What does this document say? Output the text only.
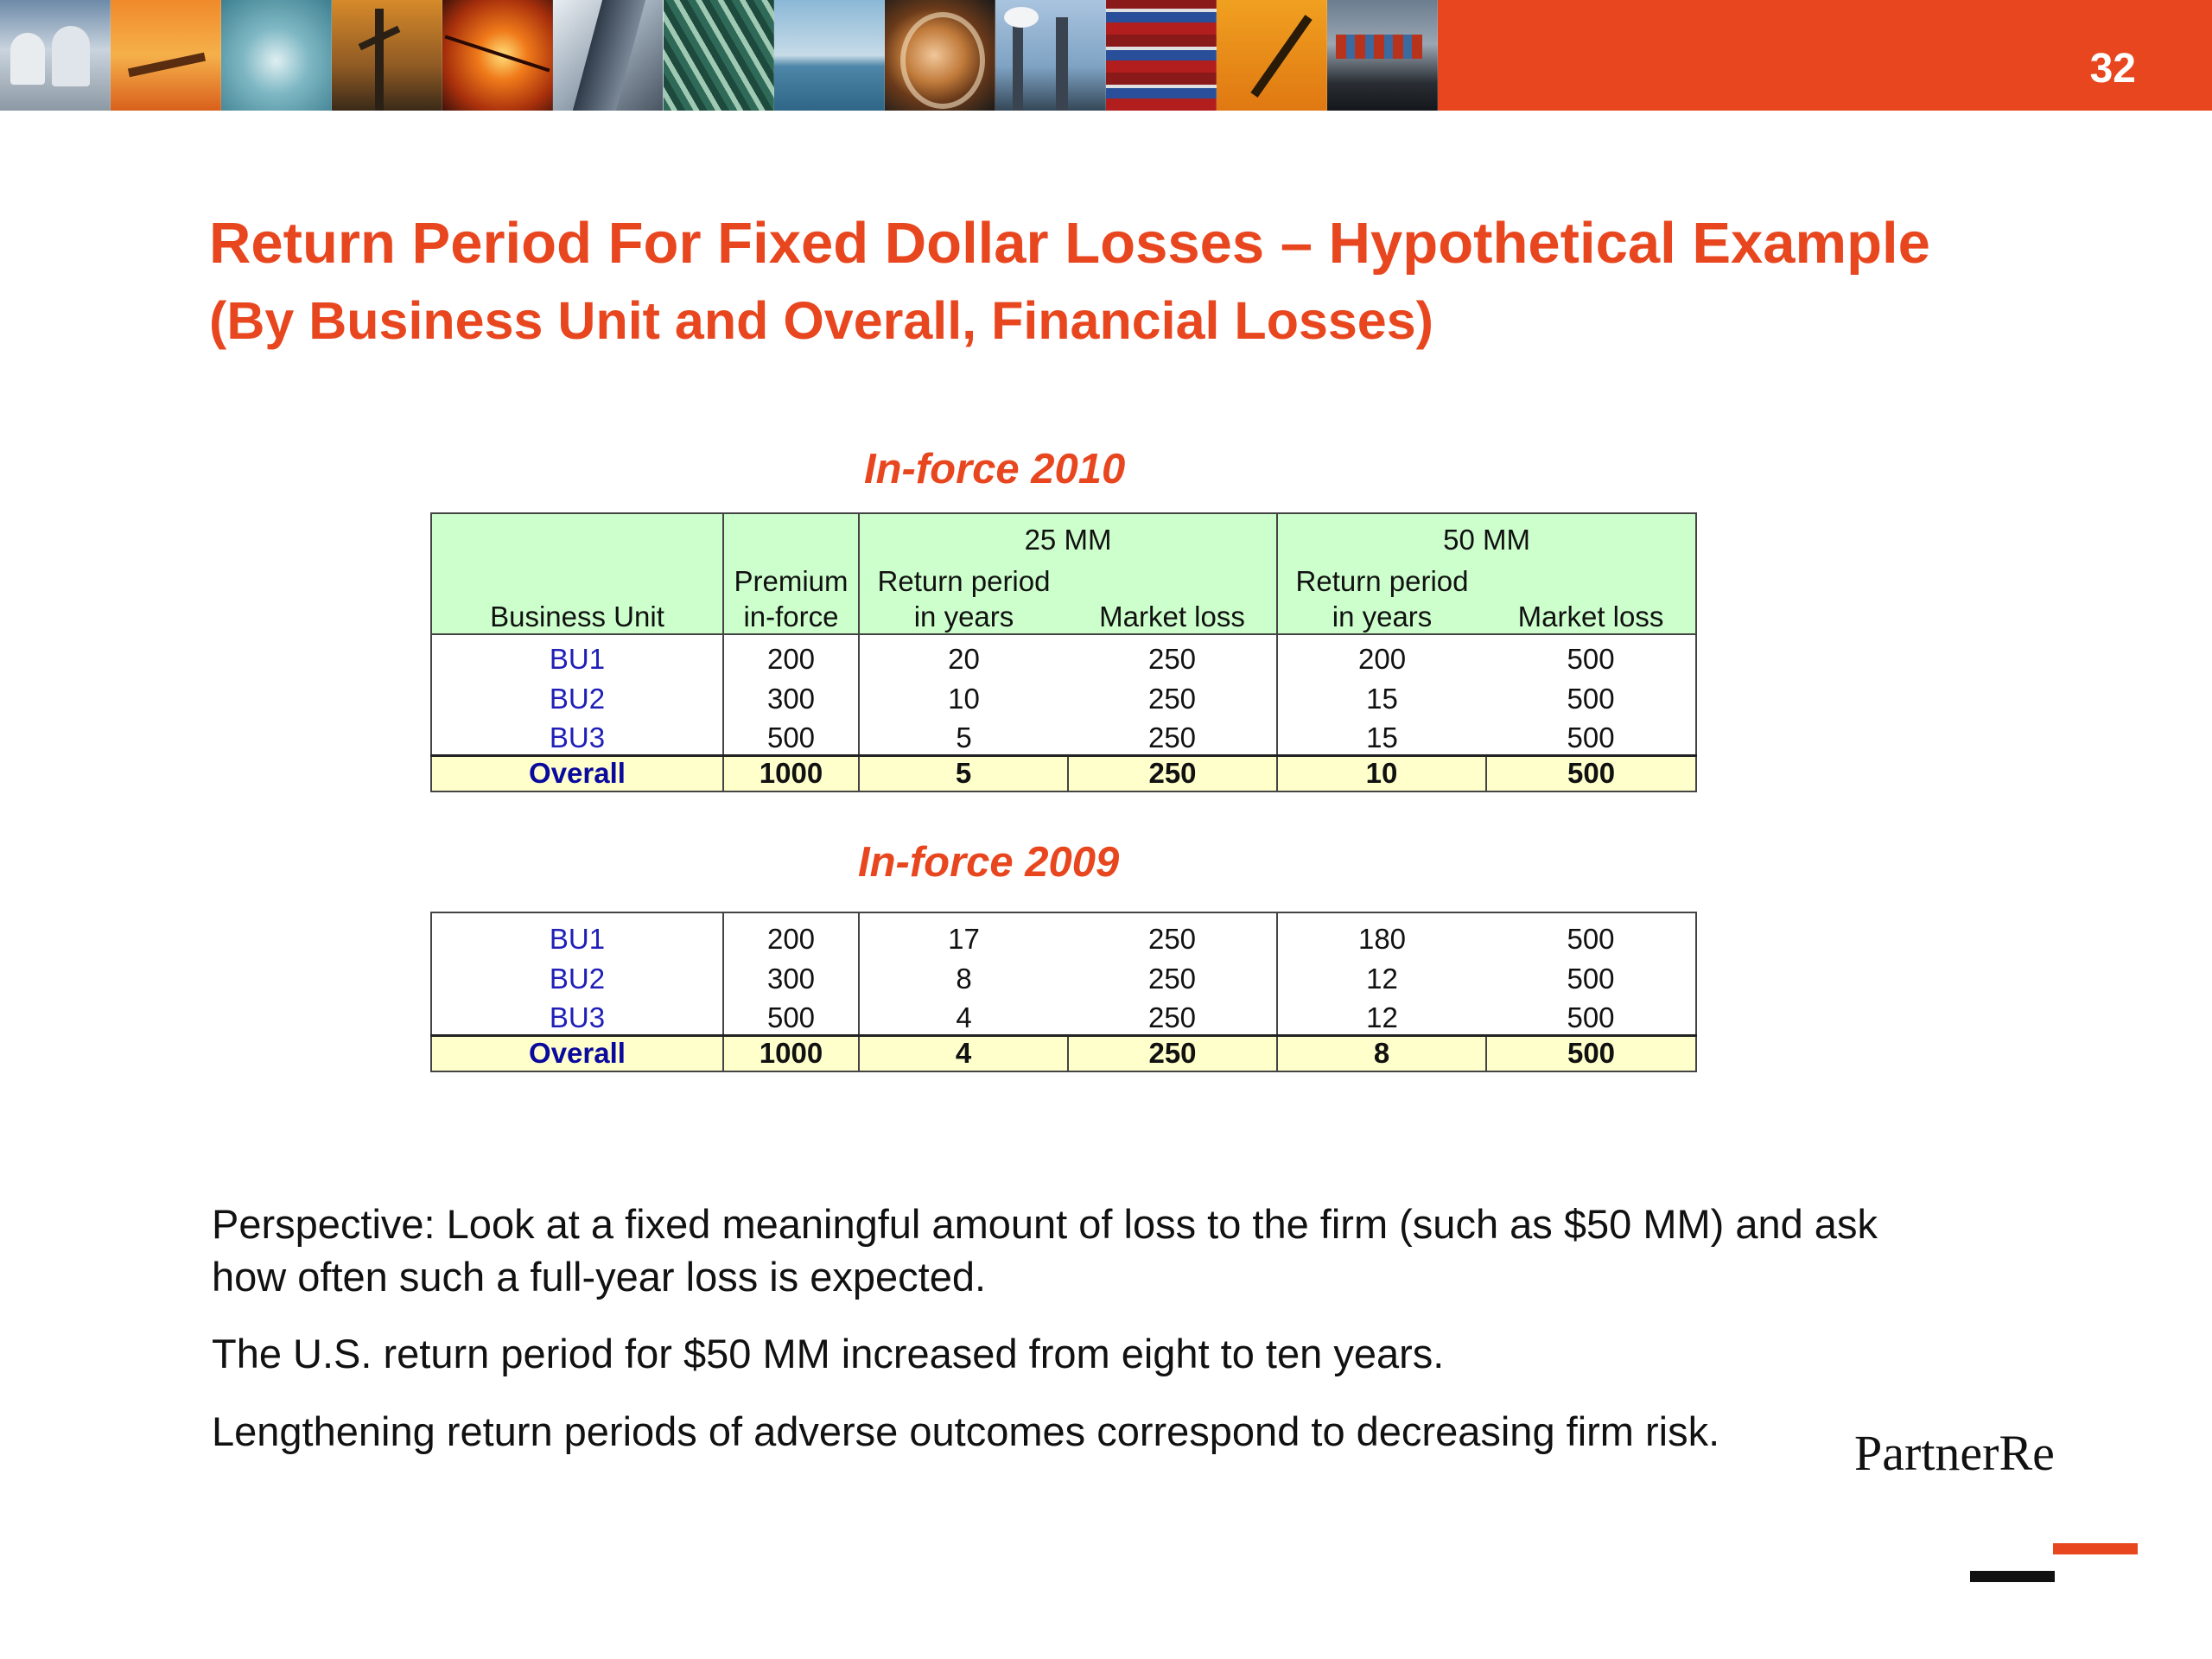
32
Return Period For Fixed Dollar Losses – Hypothetical Example
(By Business Unit and Overall, Financial Losses)
In-force 2010
		25 MM		50 MM	
	Premium	Return period		Return period	
Business Unit	in-force	in years	Market loss	in years	Market loss
BU1	200	20	250	200	500
BU2	300	10	250	15	500
BU3	500	5	250	15	500
Overall	1000	5	250	10	500
In-force 2009
BU1	200	17	250	180	500
BU2	300	8	250	12	500
BU3	500	4	250	12	500
Overall	1000	4	250	8	500
Perspective: Look at a fixed meaningful amount of loss to the firm (such as $50 MM) and ask how often such a full-year loss is expected.
The U.S. return period for $50 MM increased from eight to ten years.
Lengthening return periods of adverse outcomes correspond to decreasing firm risk.	PartnerRe
